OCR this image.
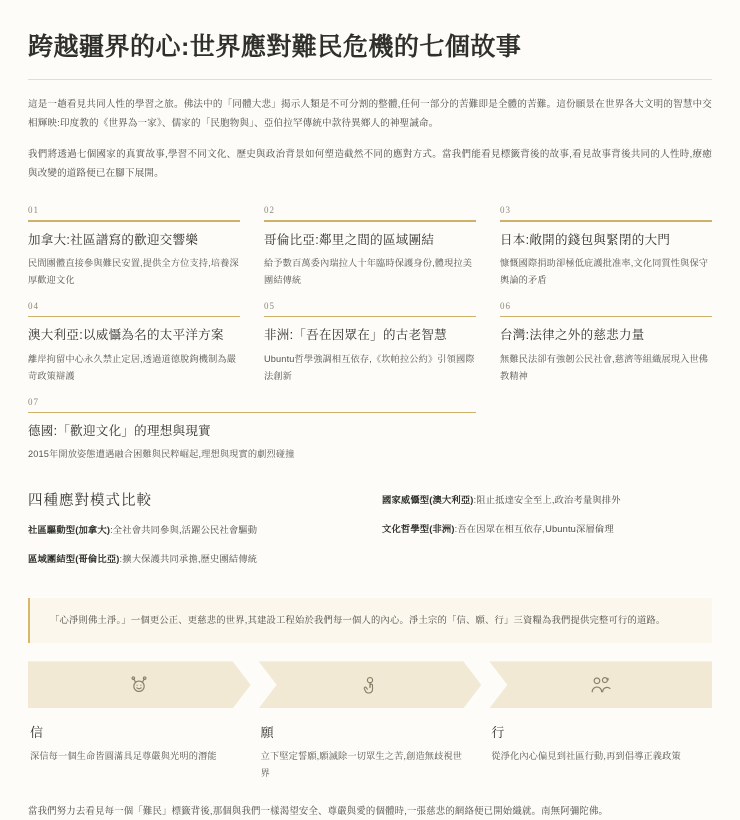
跨越疆界的心:世界應對難民危機的七個故事

這是一趟看見共同人性的學習之旅。佛法中的「同體大悲」揭示人類是不可分割的整體,任何一部分的苦難即是全體的苦難。這份願景在世界各大文明的智慧中交相輝映:印度教的《世界為一家》、儒家的「民胞物與」、亞伯拉罕傳統中款待異鄉人的神聖誡命。

我們將透過七個國家的真實故事,學習不同文化、歷史與政治背景如何塑造截然不同的應對方式。當我們能看見標籤背後的故事,看見故事背後共同的人性時,療癒與改變的道路便已在腳下展開。

01
加拿大:社區譜寫的歡迎交響樂
民間團體直接參與難民安置,提供全方位支持,培養深厚歡迎文化
02
哥倫比亞:鄰里之間的區域團結
給予數百萬委內瑞拉人十年臨時保護身份,體現拉美團結傳統
03
日本:敞開的錢包與緊閉的大門
慷慨國際捐助卻極低庇護批准率,文化同質性與保守輿論的矛盾
04
澳大利亞:以威懾為名的太平洋方案
離岸拘留中心永久禁止定居,透過道德脫鉤機制為嚴苛政策辯護
05
非洲:「吾在因眾在」的古老智慧
Ubuntu哲學強調相互依存,《坎帕拉公約》引領國際法創新
06
台灣:法律之外的慈悲力量
無難民法卻有強韌公民社會,慈濟等組織展現入世佛教精神
07
德國:「歡迎文化」的理想與現實
2015年開放姿態遭遇融合困難與民粹崛起,理想與現實的劇烈碰撞
四種應對模式比較
社區驅動型(加拿大):全社會共同參與,活躍公民社會驅動
區域團結型(哥倫比亞):擴大保護共同承擔,歷史團結傳統
國家威懾型(澳大利亞):阻止抵達安全至上,政治考量與排外
文化哲學型(非洲):吾在因眾在相互依存,Ubuntu深層倫理
「心淨則佛土淨。」一個更公正、更慈悲的世界,其建設工程始於我們每一個人的內心。淨土宗的「信、願、行」三資糧為我們提供完整可行的道路。
信
深信每一個生命皆圓滿具足尊嚴與光明的潛能
願
立下堅定誓願,願滅除一切眾生之苦,創造無歧視世界
行
從淨化內心偏見到社區行動,再到倡導正義政策

當我們努力去看見每一個「難民」標籤背後,那個與我們一樣渴望安全、尊嚴與愛的個體時,一張慈悲的網絡便已開始織就。南無阿彌陀佛。
